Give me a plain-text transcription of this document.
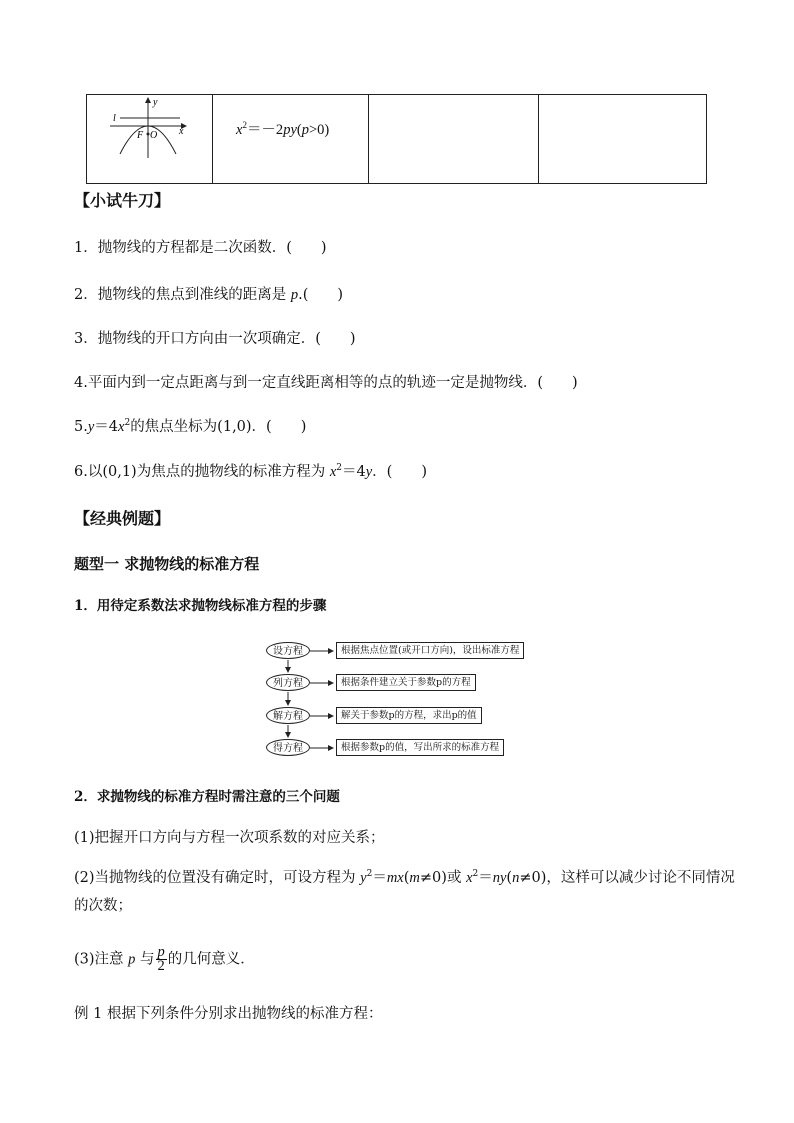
l
y
x
F O	$x^2=-2py(p>0)$
【小试牛刀】
1．抛物线的方程都是二次函数．(　　)
2．抛物线的焦点到准线的距离是 p.(　　)
3．抛物线的开口方向由一次项确定．(　　)
4.平面内到一定点距离与到一定直线距离相等的点的轨迹一定是抛物线．(　　)
$5.y=4x^2$的焦点坐标为(1,0)．(　　)
6.以(0,1)为焦点的抛物线的标准方程为 $x^2=4y$．(　　)
【经典例题】
题型一 求抛物线的标准方程
1．用待定系数法求抛物线标准方程的步骤
设方程
列方程
解方程
得方程
根据焦点位置(或开口方向)，设出标准方程
根据条件建立关于参数p的方程
解关于参数p的方程，求出p的值
根据参数p的值，写出所求的标准方程
2．求抛物线的标准方程时需注意的三个问题
(1)把握开口方向与方程一次项系数的对应关系；
(2)当抛物线的位置没有确定时，可设方程为 $y^2=mx(m\ne 0)$或 $x^2=ny(n\ne 0)$，这样可以减少讨论不同情况
的次数；
(3)注意 p 与 $\frac{p}{2}$ 的几何意义．
例 1 根据下列条件分别求出抛物线的标准方程：
